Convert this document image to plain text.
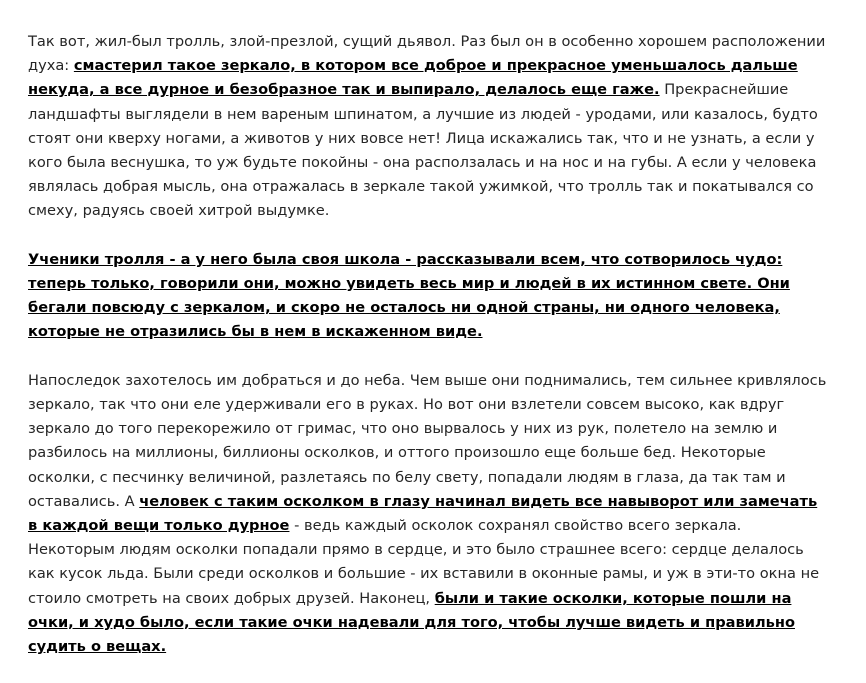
Так вот, жил-был тролль, злой-презлой, сущий дьявол. Раз был он в особенно хорошем расположении духа: смастерил такое зеркало, в котором все доброе и прекрасное уменьшалось дальше некуда, а все дурное и безобразное так и выпирало, делалось еще гаже. Прекраснейшие ландшафты выглядели в нем вареным шпинатом, а лучшие из людей - уродами, или казалось, будто стоят они кверху ногами, а животов у них вовсе нет! Лица искажались так, что и не узнать, а если у кого была веснушка, то уж будьте покойны - она расползалась и на нос и на губы. А если у человека являлась добрая мысль, она отражалась в зеркале такой ужимкой, что тролль так и покатывался со смеху, радуясь своей хитрой выдумке.

Ученики тролля - а у него была своя школа - рассказывали всем, что сотворилось чудо: теперь только, говорили они, можно увидеть весь мир и людей в их истинном свете. Они бегали повсюду с зеркалом, и скоро не осталось ни одной страны, ни одного человека, которые не отразились бы в нем в искаженном виде.

Напоследок захотелось им добраться и до неба. Чем выше они поднимались, тем сильнее кривлялось зеркало, так что они еле удерживали его в руках. Но вот они взлетели совсем высоко, как вдруг зеркало до того перекорежило от гримас, что оно вырвалось у них из рук, полетело на землю и разбилось на миллионы, биллионы осколков, и оттого произошло еще больше бед. Некоторые осколки, с песчинку величиной, разлетаясь по белу свету, попадали людям в глаза, да так там и оставались. А человек с таким осколком в глазу начинал видеть все навыворот или замечать в каждой вещи только дурное - ведь каждый осколок сохранял свойство всего зеркала. Некоторым людям осколки попадали прямо в сердце, и это было страшнее всего: сердце делалось как кусок льда. Были среди осколков и большие - их вставили в оконные рамы, и уж в эти-то окна не стоило смотреть на своих добрых друзей. Наконец, были и такие осколки, которые пошли на очки, и худо было, если такие очки надевали для того, чтобы лучше видеть и правильно судить о вещах.
